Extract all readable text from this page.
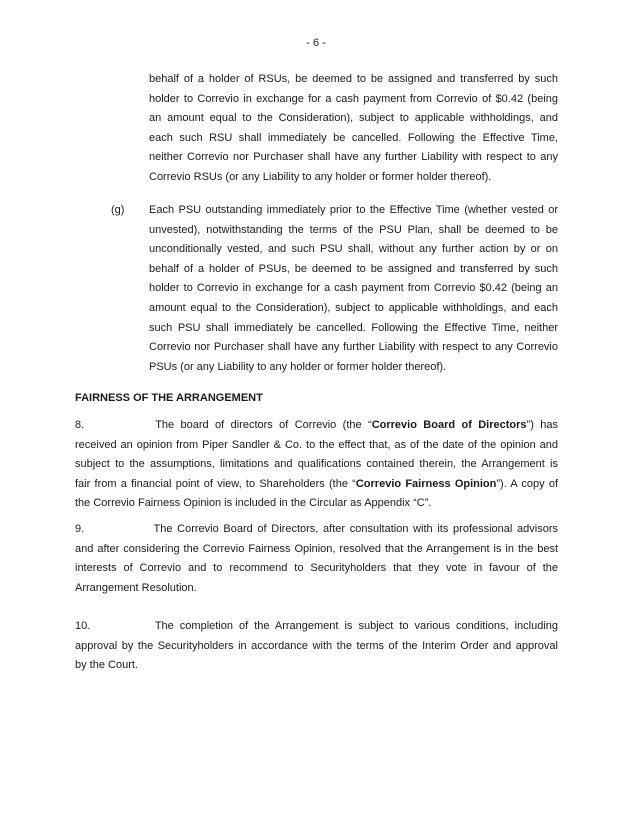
- 6 -
behalf of a holder of RSUs, be deemed to be assigned and transferred by such
holder to Correvio in exchange for a cash payment from Correvio of $0.42 (being
an amount equal to the Consideration), subject to applicable withholdings, and
each such RSU shall immediately be cancelled. Following the Effective Time,
neither Correvio nor Purchaser shall have any further Liability with respect to any
Correvio RSUs (or any Liability to any holder or former holder thereof).
(g) Each PSU outstanding immediately prior to the Effective Time (whether vested or
unvested), notwithstanding the terms of the PSU Plan, shall be deemed to be
unconditionally vested, and such PSU shall, without any further action by or on
behalf of a holder of PSUs, be deemed to be assigned and transferred by such
holder to Correvio in exchange for a cash payment from Correvio $0.42 (being an
amount equal to the Consideration), subject to applicable withholdings, and each
such PSU shall immediately be cancelled. Following the Effective Time, neither
Correvio nor Purchaser shall have any further Liability with respect to any Correvio
PSUs (or any Liability to any holder or former holder thereof).
FAIRNESS OF THE ARRANGEMENT
8.	The board of directors of Correvio (the “Correvio Board of Directors”) has
received an opinion from Piper Sandler & Co. to the effect that, as of the date of the opinion and
subject to the assumptions, limitations and qualifications contained therein, the Arrangement is
fair from a financial point of view, to Shareholders (the “Correvio Fairness Opinion”). A copy of
the Correvio Fairness Opinion is included in the Circular as Appendix “C”.
9.	The Correvio Board of Directors, after consultation with its professional advisors
and after considering the Correvio Fairness Opinion, resolved that the Arrangement is in the best
interests of Correvio and to recommend to Securityholders that they vote in favour of the
Arrangement Resolution.
10.	The completion of the Arrangement is subject to various conditions, including
approval by the Securityholders in accordance with the terms of the Interim Order and approval
by the Court.
